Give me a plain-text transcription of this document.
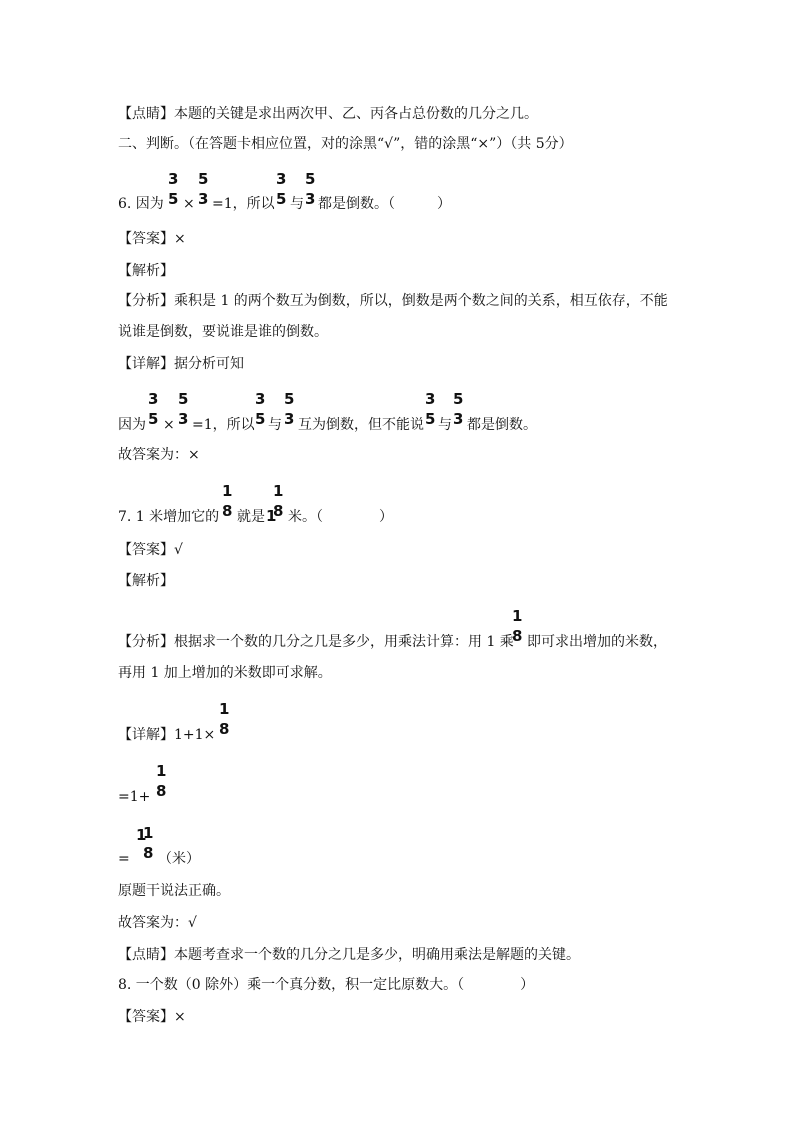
【点睛】本题的关键是求出两次甲、乙、丙各占总份数的几分之几。
二、判断。（在答题卡相应位置，对的涂黑“√”，错的涂黑“×”）（共 5分）
6. 因为
3
5 ×
5
3 =1，所以
3
5 与
5
3 都是倒数。（　　　）
【答案】×
【解析】
【分析】乘积是 1 的两个数互为倒数，所以，倒数是两个数之间的关系，相互依存，不能
说谁是倒数，要说谁是谁的倒数。
【详解】据分析可知
因为
3
5 ×
5
3 =1，所以
3
5 与
5
3 互为倒数，但不能说
3
5 与
5
3 都是倒数。
故答案为：×
7. 1 米增加它的
1
8 就是 1
1
8 米。（　　　　）
【答案】√
【解析】
【分析】根据求一个数的几分之几是多少，用乘法计算：用 1 乘
1
8 即可求出增加的米数，
再用 1 加上增加的米数即可求解。
【详解】1+1×
1
8
=1+
1
8
=
1
1
8 （米）
原题干说法正确。
故答案为：√
【点睛】本题考查求一个数的几分之几是多少，明确用乘法是解题的关键。
8. 一个数（0 除外）乘一个真分数，积一定比原数大。（　　　　）
【答案】×
